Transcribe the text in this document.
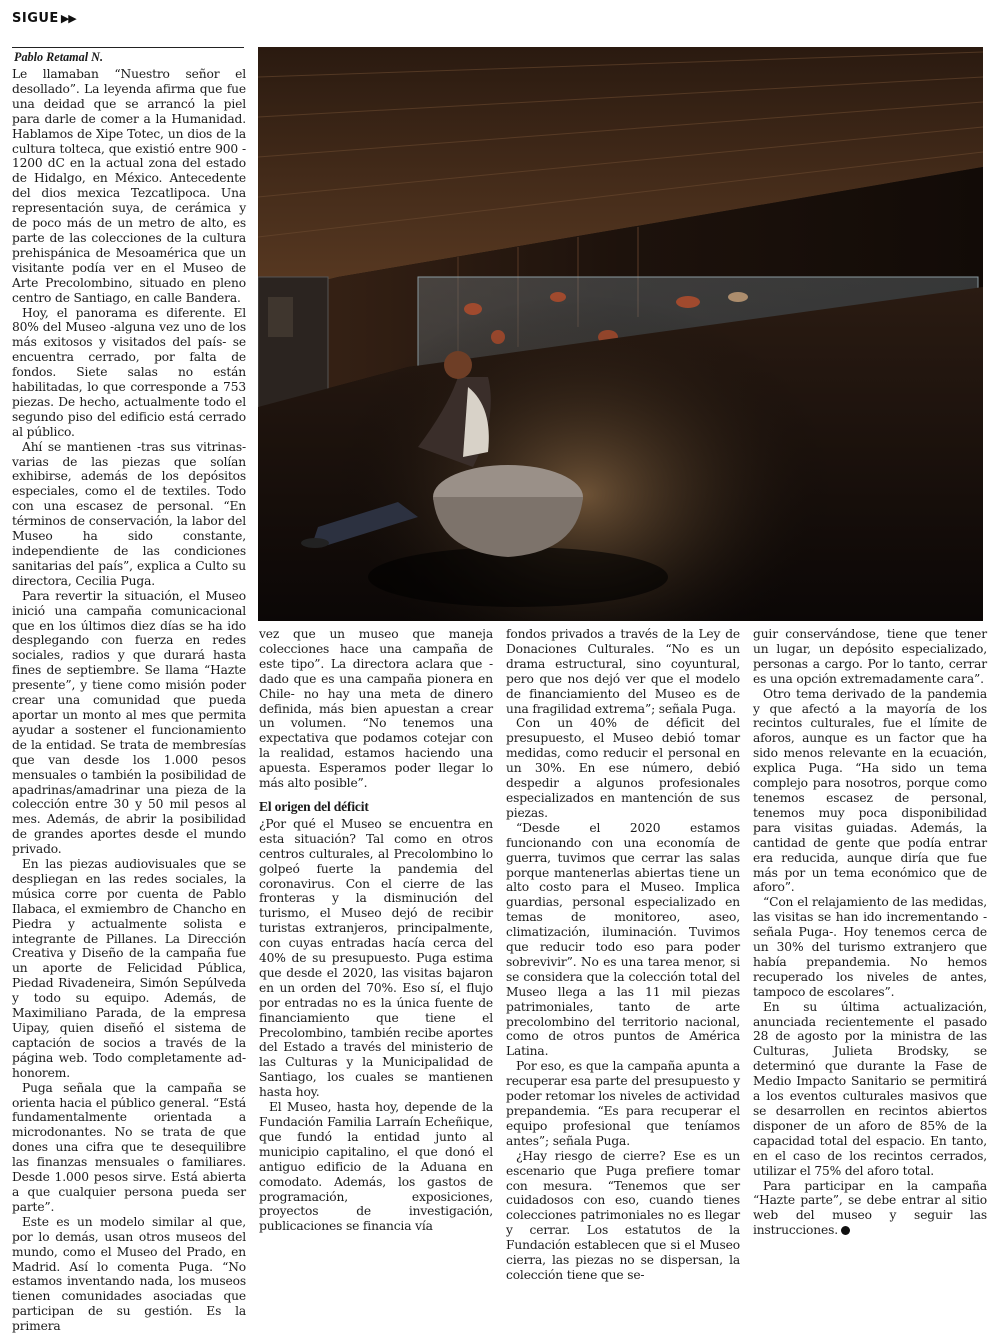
SIGUE ▶▶
Pablo Retamal N.

Le llamaban “Nuestro señor el desollado”. La leyenda afirma que fue una deidad que se arrancó la piel para darle de comer a la Humanidad. Hablamos de Xipe Totec, un dios de la cultura tolteca, que existió entre 900 - 1200 dC en la actual zona del estado de Hidalgo, en México. Antecedente del dios mexica Tezcatlipoca. Una representación suya, de cerámica y de poco más de un metro de alto, es parte de las colecciones de la cultura prehispánica de Mesoamérica que un visitante podía ver en el Museo de Arte Precolombino, situado en pleno centro de Santiago, en calle Bandera.

Hoy, el panorama es diferente. El 80% del Museo -alguna vez uno de los más exitosos y visitados del país- se encuentra cerrado, por falta de fondos. Siete salas no están habilitadas, lo que corresponde a 753 piezas. De hecho, actualmente todo el segundo piso del edificio está cerrado al público.

Ahí se mantienen -tras sus vitrinas- varias de las piezas que solían exhibirse, además de los depósitos especiales, como el de textiles. Todo con una escasez de personal. “En términos de conservación, la labor del Museo ha sido constante, independiente de las condiciones sanitarias del país”, explica a Culto su directora, Cecilia Puga.

Para revertir la situación, el Museo inició una campaña comunicacional que en los últimos diez días se ha ido desplegando con fuerza en redes sociales, radios y que durará hasta fines de septiembre. Se llama “Hazte presente”, y tiene como misión poder crear una comunidad que pueda aportar un monto al mes que permita ayudar a sostener el funcionamiento de la entidad. Se trata de membresías que van desde los 1.000 pesos mensuales o también la posibilidad de apadrinas/amadrinar una pieza de la colección entre 30 y 50 mil pesos al mes. Además, de abrir la posibilidad de grandes aportes desde el mundo privado.

En las piezas audiovisuales que se despliegan en las redes sociales, la música corre por cuenta de Pablo Ilabaca, el exmiembro de Chancho en Piedra y actualmente solista e integrante de Pillanes. La Dirección Creativa y Diseño de la campaña fue un aporte de Felicidad Pública, Piedad Rivadeneira, Simón Sepúlveda y todo su equipo. Además, de Maximiliano Parada, de la empresa Uipay, quien diseñó el sistema de captación de socios a través de la página web. Todo completamente ad-honorem.

Puga señala que la campaña se orienta hacia el público general. “Está fundamentalmente orientada a microdonantes. No se trata de que dones una cifra que te desequilibre las finanzas mensuales o familiares. Desde 1.000 pesos sirve. Está abierta a que cualquier persona pueda ser parte”.

Este es un modelo similar al que, por lo demás, usan otros museos del mundo, como el Museo del Prado, en Madrid. Así lo comenta Puga. “No estamos inventando nada, los museos tienen comunidades asociadas que participan de su gestión. Es la primera

vez que un museo que maneja colecciones hace una campaña de este tipo”. La directora aclara que -dado que es una campaña pionera en Chile- no hay una meta de dinero definida, más bien apuestan a crear un volumen. “No tenemos una expectativa que podamos cotejar con la realidad, estamos haciendo una apuesta. Esperamos poder llegar lo más alto posible”.

El origen del déficit

¿Por qué el Museo se encuentra en esta situación? Tal como en otros centros culturales, al Precolombino lo golpeó fuerte la pandemia del coronavirus. Con el cierre de las fronteras y la disminución del turismo, el Museo dejó de recibir turistas extranjeros, principalmente, con cuyas entradas hacía cerca del 40% de su presupuesto. Puga estima que desde el 2020, las visitas bajaron en un orden del 70%. Eso sí, el flujo por entradas no es la única fuente de financiamiento que tiene el Precolombino, también recibe aportes del Estado a través del ministerio de las Culturas y la Municipalidad de Santiago, los cuales se mantienen hasta hoy.

El Museo, hasta hoy, depende de la Fundación Familia Larraín Echeñique, que fundó la entidad junto al municipio capitalino, el que donó el antiguo edificio de la Aduana en comodato. Además, los gastos de programación, exposiciones, proyectos de investigación, publicaciones se financia vía

fondos privados a través de la Ley de Donaciones Culturales. “No es un drama estructural, sino coyuntural, pero que nos dejó ver que el modelo de financiamiento del Museo es de una fragilidad extrema”; señala Puga.

Con un 40% de déficit del presupuesto, el Museo debió tomar medidas, como reducir el personal en un 30%. En ese número, debió despedir a algunos profesionales especializados en mantención de sus piezas.

“Desde el 2020 estamos funcionando con una economía de guerra, tuvimos que cerrar las salas porque mantenerlas abiertas tiene un alto costo para el Museo. Implica guardias, personal especializado en temas de monitoreo, aseo, climatización, iluminación. Tuvimos que reducir todo eso para poder sobrevivir”. No es una tarea menor, si se considera que la colección total del Museo llega a las 11 mil piezas patrimoniales, tanto de arte precolombino del territorio nacional, como de otros puntos de América Latina.

Por eso, es que la campaña apunta a recuperar esa parte del presupuesto y poder retomar los niveles de actividad prepandemia. “Es para recuperar el equipo profesional que teníamos antes”; señala Puga.

¿Hay riesgo de cierre? Ese es un escenario que Puga prefiere tomar con mesura. “Tenemos que ser cuidadosos con eso, cuando tienes colecciones patrimoniales no es llegar y cerrar. Los estatutos de la Fundación establecen que si el Museo cierra, las piezas no se dispersan, la colección tiene que se-

guir conservándose, tiene que tener un lugar, un depósito especializado, personas a cargo. Por lo tanto, cerrar es una opción extremadamente cara”.

Otro tema derivado de la pandemia y que afectó a la mayoría de los recintos culturales, fue el límite de aforos, aunque es un factor que ha sido menos relevante en la ecuación, explica Puga. “Ha sido un tema complejo para nosotros, porque como tenemos escasez de personal, tenemos muy poca disponibilidad para visitas guiadas. Además, la cantidad de gente que podía entrar era reducida, aunque diría que fue más por un tema económico que de aforo”.

“Con el relajamiento de las medidas, las visitas se han ido incrementando -señala Puga-. Hoy tenemos cerca de un 30% del turismo extranjero que había prepandemia. No hemos recuperado los niveles de antes, tampoco de escolares”.

En su última actualización, anunciada recientemente el pasado 28 de agosto por la ministra de las Culturas, Julieta Brodsky, se determinó que durante la Fase de Medio Impacto Sanitario se permitirá a los eventos culturales masivos que se desarrollen en recintos abiertos disponer de un aforo de 85% de la capacidad total del espacio. En tanto, en el caso de los recintos cerrados, utilizar el 75% del aforo total.

Para participar en la campaña “Hazte parte”, se debe entrar al sitio web del museo y seguir las instrucciones.
